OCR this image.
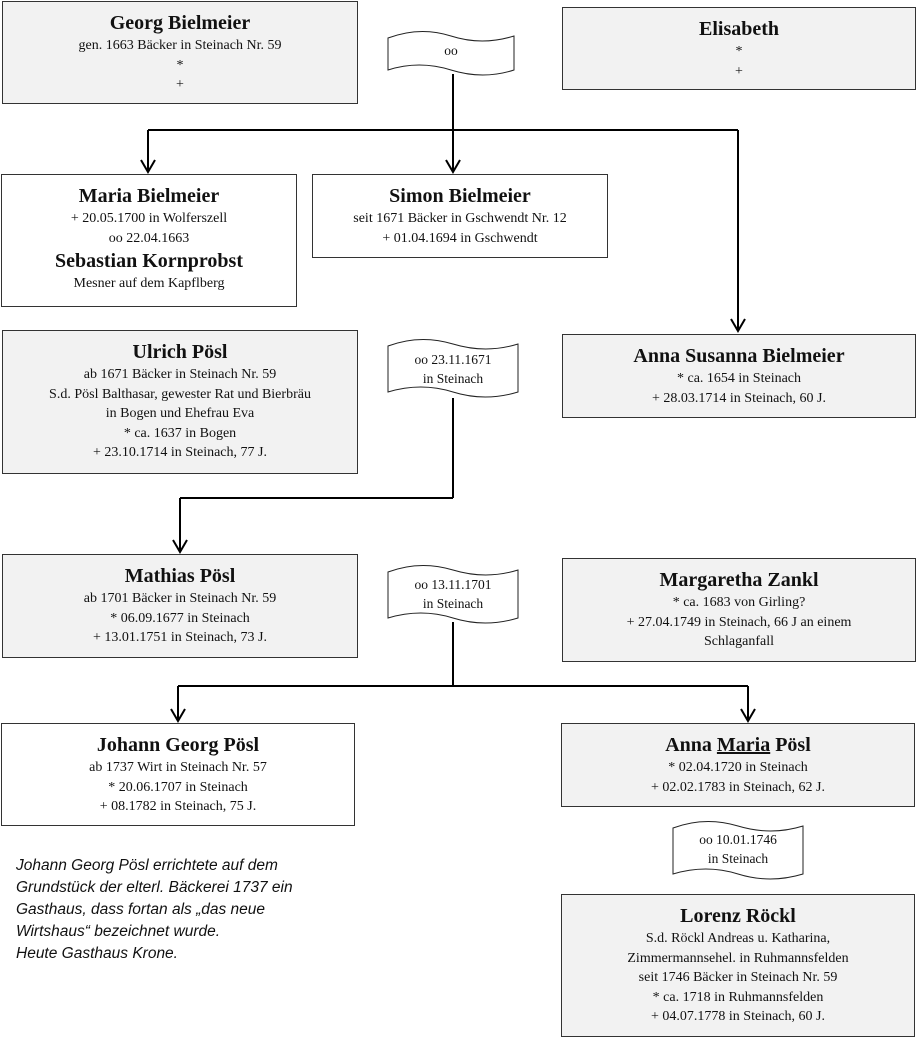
oo
oo 23.11.1671
in Steinach
oo 13.11.1701
in Steinach
oo 10.01.1746
in Steinach
Georg Bielmeier
gen. 1663 Bäcker in Steinach Nr. 59
*
+
Elisabeth
*
+
Maria Bielmeier
+ 20.05.1700 in Wolferszell
oo 22.04.1663
Sebastian Kornprobst
Mesner auf dem Kapflberg
Simon Bielmeier
seit 1671 Bäcker in Gschwendt Nr. 12
+ 01.04.1694 in Gschwendt
Ulrich Pösl
ab 1671 Bäcker in Steinach Nr. 59
S.d. Pösl Balthasar, gewester Rat und Bierbräu
in Bogen und Ehefrau Eva
* ca. 1637 in Bogen
+ 23.10.1714 in Steinach, 77 J.
Anna Susanna Bielmeier
* ca. 1654 in Steinach
+ 28.03.1714 in Steinach, 60 J.
Mathias Pösl
ab 1701 Bäcker in Steinach Nr. 59
* 06.09.1677 in Steinach
+ 13.01.1751 in Steinach, 73 J.
Margaretha Zankl
* ca. 1683 von Girling?
+ 27.04.1749 in Steinach, 66 J an einem
Schlaganfall
Johann Georg Pösl
ab 1737 Wirt in Steinach Nr. 57
* 20.06.1707 in Steinach
+ 08.1782 in Steinach, 75 J.
Anna Maria Pösl
* 02.04.1720 in Steinach
+ 02.02.1783 in Steinach, 62 J.
Lorenz Röckl
S.d. Röckl Andreas u. Katharina,
Zimmermannsehel. in Ruhmannsfelden
seit 1746 Bäcker in Steinach Nr. 59
* ca. 1718 in Ruhmannsfelden
+ 04.07.1778 in Steinach, 60 J.
Johann Georg Pösl errichtete auf dem
Grundstück der elterl. Bäckerei 1737 ein
Gasthaus, dass fortan als „das neue
Wirtshaus“ bezeichnet wurde.
Heute Gasthaus Krone.
